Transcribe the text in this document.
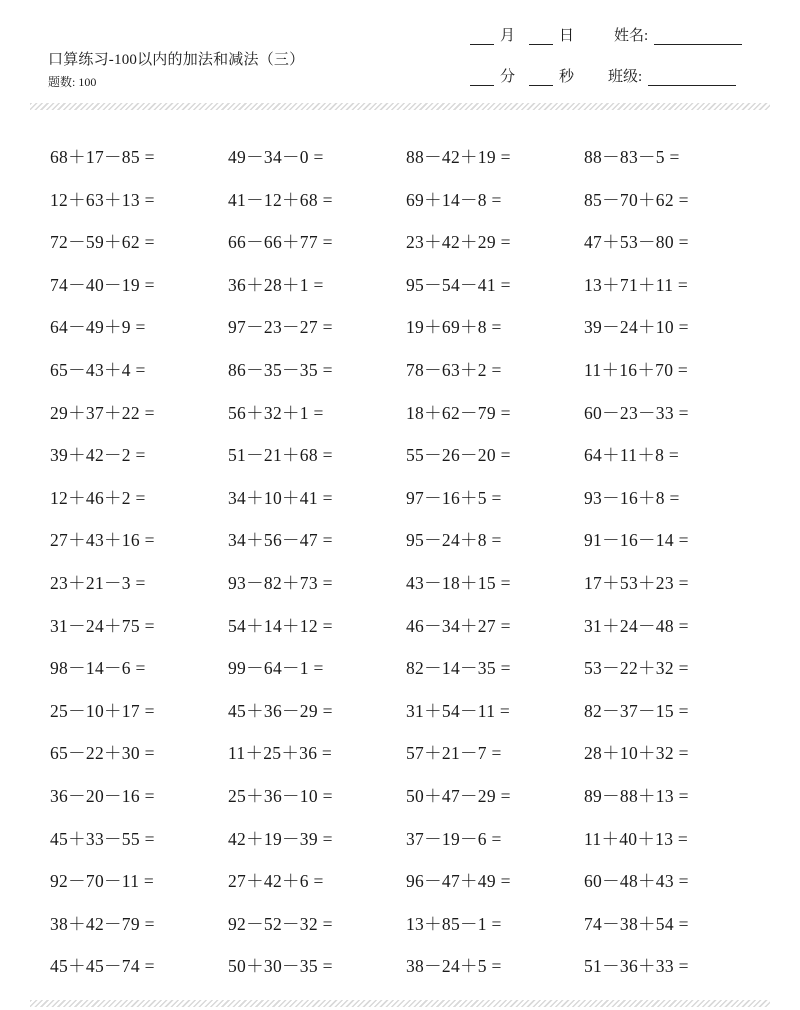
口算练习-100以内的加法和减法（三）
题数: 100
月	日	姓名:
分	秒 班级:
68＋17－85 =	49－34－0 =	88－42＋19 =	88－83－5 =
12＋63＋13 =	41－12＋68 =	69＋14－8 =	85－70＋62 =
72－59＋62 =	66－66＋77 =	23＋42＋29 =	47＋53－80 =
74－40－19 =	36＋28＋1 =	95－54－41 =	13＋71＋11 =
64－49＋9 =	97－23－27 =	19＋69＋8 =	39－24＋10 =
65－43＋4 =	86－35－35 =	78－63＋2 =	11＋16＋70 =
29＋37＋22 =	56＋32＋1 =	18＋62－79 =	60－23－33 =
39＋42－2 =	51－21＋68 =	55－26－20 =	64＋11＋8 =
12＋46＋2 =	34＋10＋41 =	97－16＋5 =	93－16＋8 =
27＋43＋16 =	34＋56－47 =	95－24＋8 =	91－16－14 =
23＋21－3 =	93－82＋73 =	43－18＋15 =	17＋53＋23 =
31－24＋75 =	54＋14＋12 =	46－34＋27 =	31＋24－48 =
98－14－6 =	99－64－1 =	82－14－35 =	53－22＋32 =
25－10＋17 =	45＋36－29 =	31＋54－11 =	82－37－15 =
65－22＋30 =	11＋25＋36 =	57＋21－7 =	28＋10＋32 =
36－20－16 =	25＋36－10 =	50＋47－29 =	89－88＋13 =
45＋33－55 =	42＋19－39 =	37－19－6 =	11＋40＋13 =
92－70－11 =	27＋42＋6 =	96－47＋49 =	60－48＋43 =
38＋42－79 =	92－52－32 =	13＋85－1 =	74－38＋54 =
45＋45－74 =	50＋30－35 =	38－24＋5 =	51－36＋33 =
